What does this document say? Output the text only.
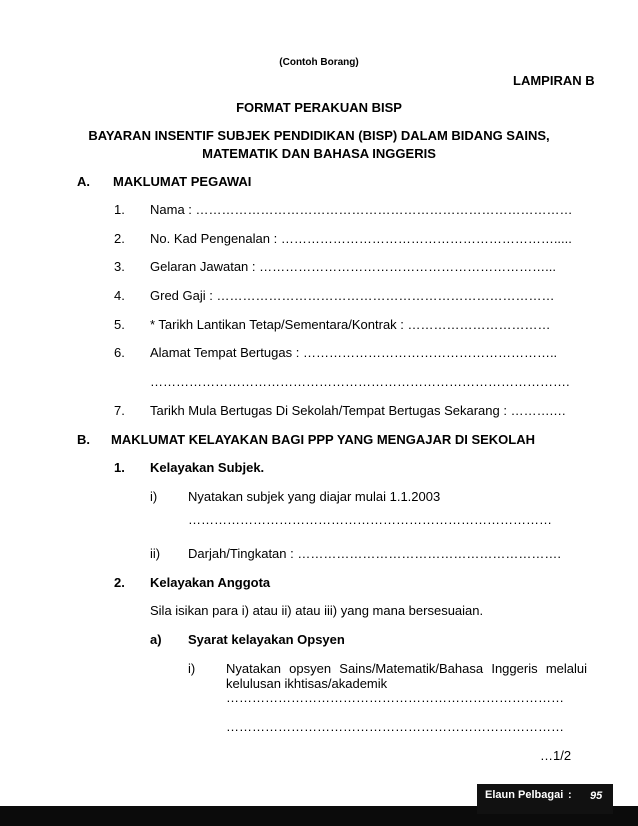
(Contoh Borang)
LAMPIRAN B
FORMAT PERAKUAN BISP
BAYARAN INSENTIF SUBJEK PENDIDIKAN (BISP) DALAM BIDANG SAINS,
MATEMATIK DAN BAHASA INGGERIS
A. MAKLUMAT PEGAWAI
1. Nama : ……………………………………………………………………………
2. No. Kad Pengenalan : ……………………………………………………….....
3. Gelaran Jawatan : …………………………………………………………...
4. Gred Gaji : ……………………………………………………………………
5. * Tarikh Lantikan Tetap/Sementara/Kontrak : ……………………………
6. Alamat Tempat Bertugas : …………………………………………………..
…………………………………………………………………………………….
7. Tarikh Mula Bertugas Di Sekolah/Tempat Bertugas Sekarang : ……….…
B. MAKLUMAT KELAYAKAN BAGI PPP YANG MENGAJAR DI SEKOLAH
1. Kelayakan Subjek.
i) Nyatakan subjek yang diajar mulai 1.1.2003
…………………………………………………………………………
ii) Darjah/Tingkatan : …………………………………………………….
2. Kelayakan Anggota
Sila isikan para i) atau ii) atau iii) yang mana bersesuaian.
a) Syarat kelayakan Opsyen
i) Nyatakan opsyen Sains/Matematik/Bahasa Inggeris melalui
kelulusan ikhtisas/akademik
……………………………………………………………………
……………………………………………………………………
…1/2
Elaun Pelbagai : 95
